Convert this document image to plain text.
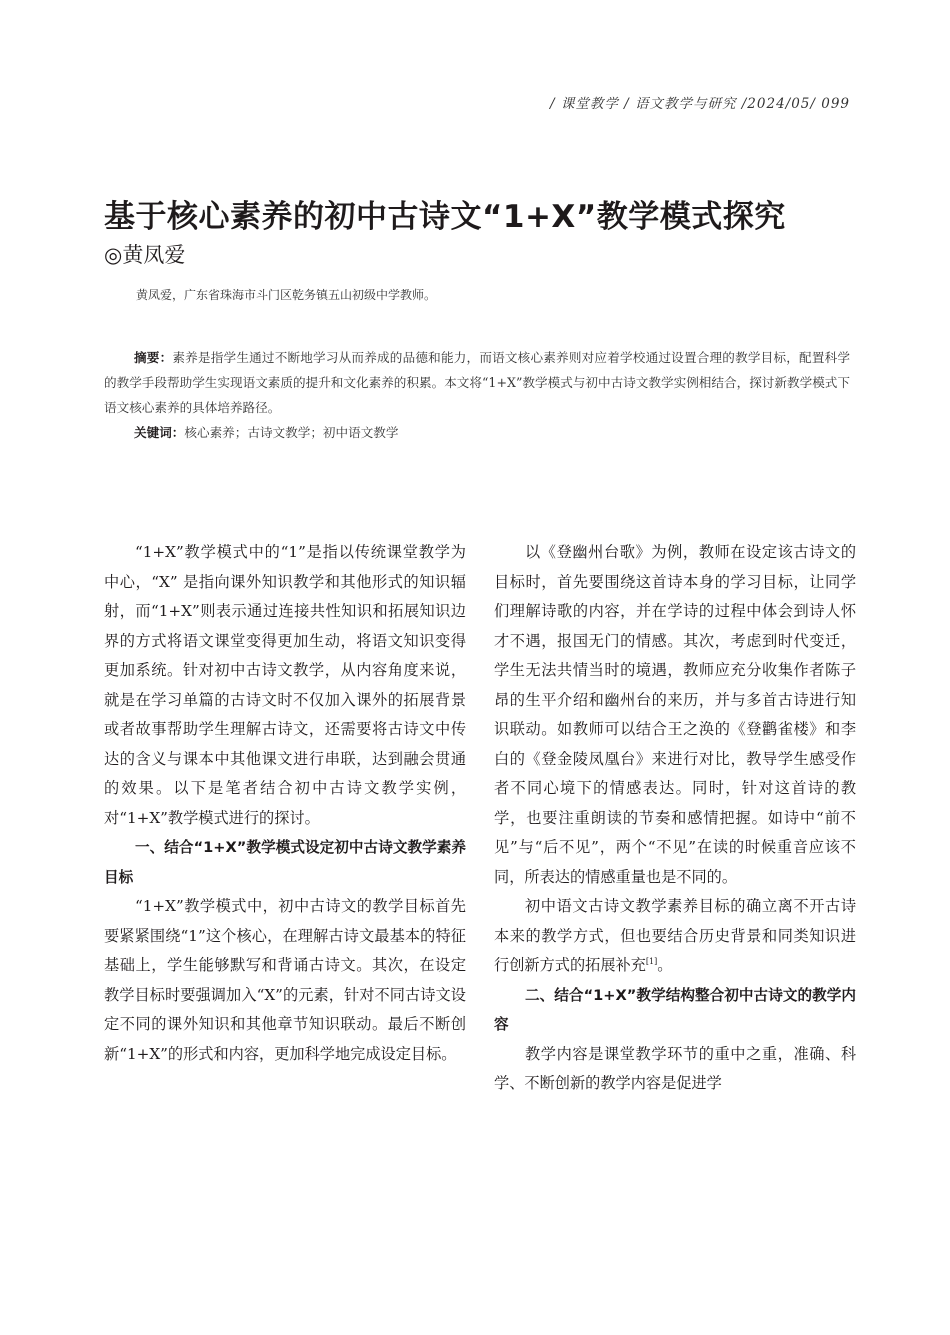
/ 课堂教学 / 语文教学与研究 /2024/05/ 099
基于核心素养的初中古诗文“1+X”教学模式探究
◎黄凤爱
黄凤爱，广东省珠海市斗门区乾务镇五山初级中学教师。

摘要：素养是指学生通过不断地学习从而养成的品德和能力，而语文核心素养则对应着学校通过设置合理的教学目标，配置科学的教学手段帮助学生实现语文素质的提升和文化素养的积累。本文将“1+X”教学模式与初中古诗文教学实例相结合，探讨新教学模式下语文核心素养的具体培养路径。

关键词：核心素养；古诗文教学；初中语文教学

“1+X”教学模式中的“1”是指以传统课堂教学为中心，“X” 是指向课外知识教学和其他形式的知识辐射，而“1+X”则表示通过连接共性知识和拓展知识边界的方式将语文课堂变得更加生动，将语文知识变得更加系统。针对初中古诗文教学，从内容角度来说，就是在学习单篇的古诗文时不仅加入课外的拓展背景或者故事帮助学生理解古诗文，还需要将古诗文中传达的含义与课本中其他课文进行串联，达到融会贯通的效果。以下是笔者结合初中古诗文教学实例，对“1+X”教学模式进行的探讨。

一、结合“1+X”教学模式设定初中古诗文教学素养目标

“1+X”教学模式中，初中古诗文的教学目标首先要紧紧围绕“1”这个核心，在理解古诗文最基本的特征基础上，学生能够默写和背诵古诗文。其次，在设定教学目标时要强调加入“X”的元素，针对不同古诗文设定不同的课外知识和其他章节知识联动。最后不断创新“1+X”的形式和内容，更加科学地完成设定目标。

以《登幽州台歌》为例，教师在设定该古诗文的目标时，首先要围绕这首诗本身的学习目标，让同学们理解诗歌的内容，并在学诗的过程中体会到诗人怀才不遇，报国无门的情感。其次，考虑到时代变迁，学生无法共情当时的境遇，教师应充分收集作者陈子昂的生平介绍和幽州台的来历，并与多首古诗进行知识联动。如教师可以结合王之涣的《登鹳雀楼》和李白的《登金陵凤凰台》来进行对比，教导学生感受作者不同心境下的情感表达。同时，针对这首诗的教学，也要注重朗读的节奏和感情把握。如诗中“前不见”与“后不见”，两个“不见”在读的时候重音应该不同，所表达的情感重量也是不同的。

初中语文古诗文教学素养目标的确立离不开古诗本来的教学方式，但也要结合历史背景和同类知识进行创新方式的拓展补充[1]。

二、结合“1+X”教学结构整合初中古诗文的教学内容

教学内容是课堂教学环节的重中之重，准确、科学、不断创新的教学内容是促进学
